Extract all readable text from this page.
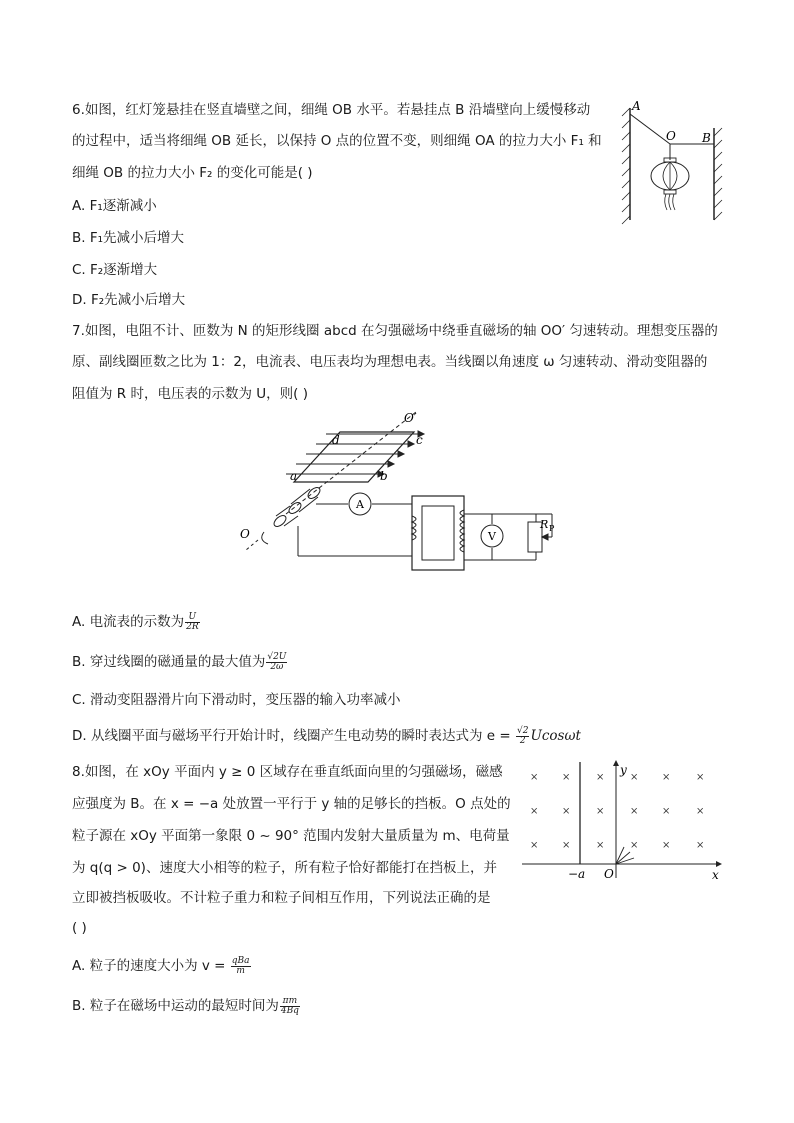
6.如图，红灯笼悬挂在竖直墙壁之间，细绳 OB 水平。若悬挂点 B 沿墙壁向上缓慢移动
的过程中，适当将细绳 OB 延长，以保持 O 点的位置不变，则细绳 OA 的拉力大小 F₁ 和
细绳 OB 的拉力大小 F₂ 的变化可能是( )
A. F₁逐渐减小
B. F₁先减小后增大
C. F₂逐渐增大
D. F₂先减小后增大
A
O B
7.如图，电阻不计、匝数为 N 的矩形线圈 abcd 在匀强磁场中绕垂直磁场的轴 OO′ 匀速转动。理想变压器的
原、副线圈匝数之比为 1：2，电流表、电压表均为理想电表。当线圈以角速度 ω 匀速转动、滑动变阻器的
阻值为 R 时，电压表的示数为 U，则( )
O′
d	c
a	b
O
A
V
R P
A. 电流表的示数为 $\frac{U}{2R}$
B. 穿过线圈的磁通量的最大值为 $\frac{√2U}{2\omega}$
C. 滑动变阻器滑片向下滑动时，变压器的输入功率减小
D. 从线圈平面与磁场平行开始计时，线圈产生电动势的瞬时表达式为 $e = \frac{√2}{2}$ Ucosωt
8.如图，在 xOy 平面内 y ≥ 0 区域存在垂直纸面向里的匀强磁场，磁感
应强度为 B。在 x = −a 处放置一平行于 y 轴的足够长的挡板。O 点处的
粒子源在 xOy 平面第一象限 0 ~ 90° 范围内发射大量质量为 m、电荷量
为 q(q > 0)、速度大小相等的粒子，所有粒子恰好都能打在挡板上，并
立即被挡板吸收。不计粒子重力和粒子间相互作用，下列说法正确的是
( )
× ×	×	× ×	×
× ×	×	× ×	×
× ×	×	× ×	×
y
x
O
−a
A. 粒子的速度大小为 $v = \frac{\text{qBa}}{m}$
B. 粒子在磁场中运动的最短时间为 $\frac{\pi m}{4Bq}$
